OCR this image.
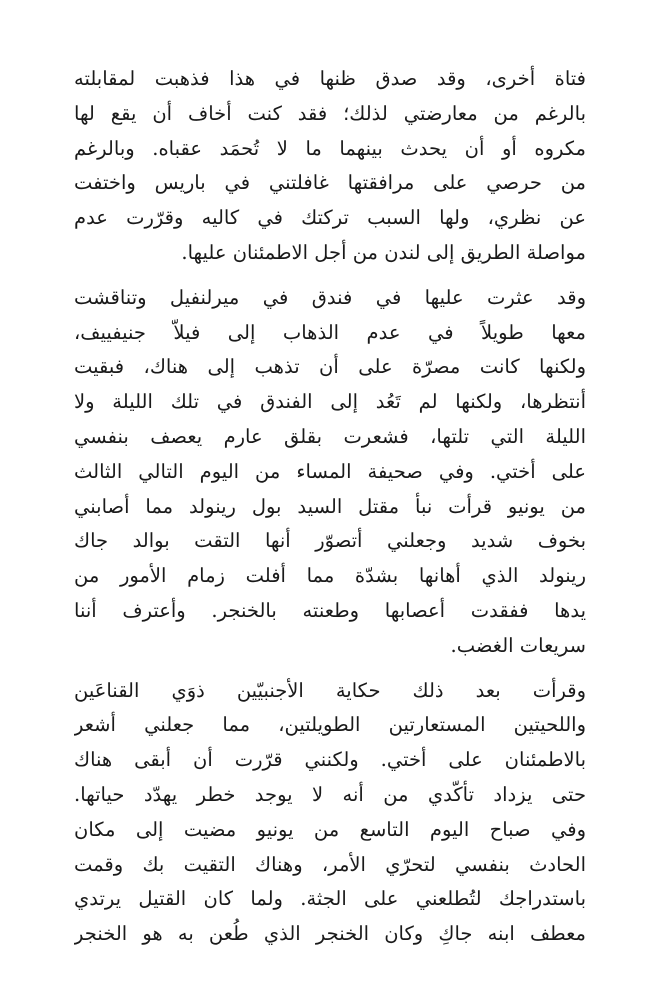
فتاة أخرى، وقد صدق ظنها في هذا فذهبت لمقابلته
بالرغم من معارضتي لذلك؛ فقد كنت أخاف أن يقع لها
مكروه أو أن يحدث بينهما ما لا تُحمَد عقباه. وبالرغم
من حرصي على مرافقتها غافلتني في باريس واختفت
عن نظري، ولها السبب تركتك في كاليه وقرّرت عدم
مواصلة الطريق إلى لندن من أجل الاطمئنان عليها.
وقد عثرت عليها في فندق في ميرلنفيل وتناقشت
معها طويلاً في عدم الذهاب إلى فيلاّ جنيفييف،
ولكنها كانت مصرّة على أن تذهب إلى هناك، فبقيت
أنتظرها، ولكنها لم تَعُد إلى الفندق في تلك الليلة ولا
الليلة التي تلتها، فشعرت بقلق عارم يعصف بنفسي
على أختي. وفي صحيفة المساء من اليوم التالي الثالث
من يونيو قرأت نبأ مقتل السيد بول رينولد مما أصابني
بخوف شديد وجعلني أتصوّر أنها التقت بوالد جاك
رينولد الذي أهانها بشدّة مما أفلت زمام الأمور من
يدها ففقدت أعصابها وطعنته بالخنجر. وأعترف أننا
سريعات الغضب.
وقرأت بعد ذلك حكاية الأجنبيّين ذوَي القناعَين
واللحيتين المستعارتين الطويلتين، مما جعلني أشعر
بالاطمئنان على أختي. ولكنني قرّرت أن أبقى هناك
حتى يزداد تأكّدي من أنه لا يوجد خطر يهدّد حياتها.
وفي صباح اليوم التاسع من يونيو مضيت إلى مكان
الحادث بنفسي لتحرّي الأمر، وهناك التقيت بك وقمت
باستدراجك لتُطلعني على الجثة. ولما كان القتيل يرتدي
معطف ابنه جاكِ وكان الخنجر الذي طُعن به هو الخنجر
